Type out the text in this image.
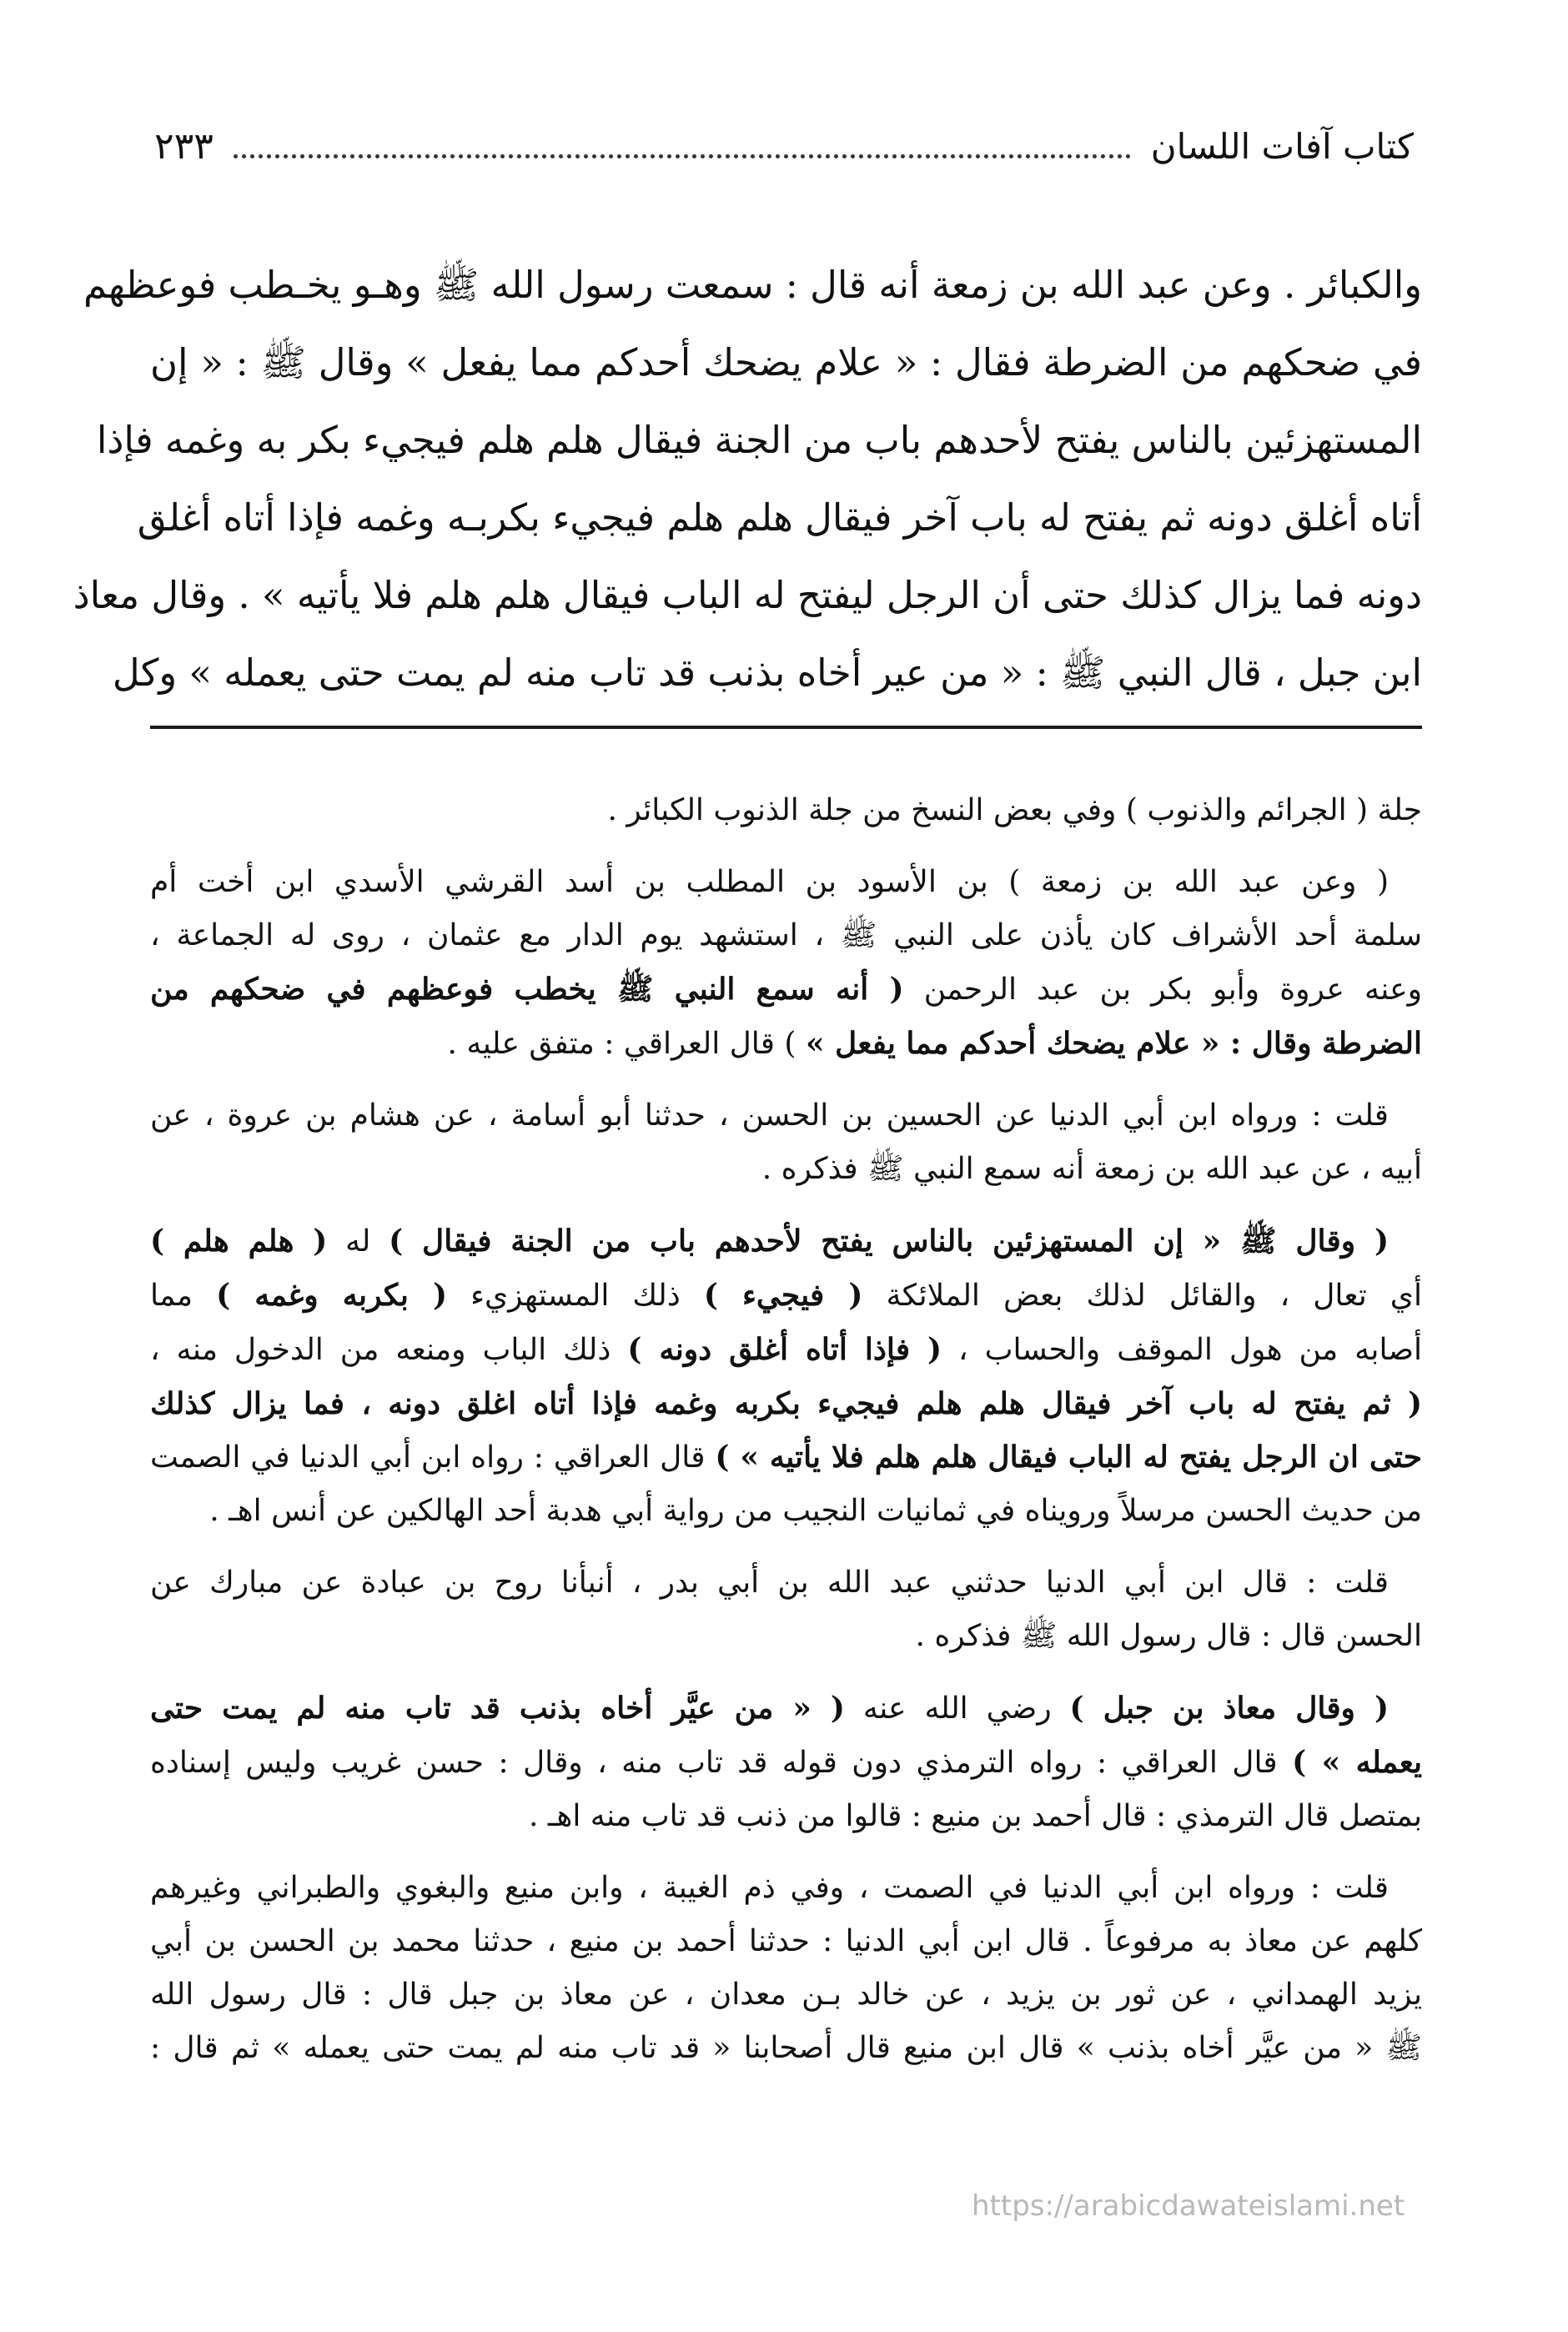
كتاب آفات اللسان
٢٣٣

والكبائر . وعن عبد الله بن زمعة أنه قال : سمعت رسول الله ﷺ وهـو يخـطب فوعظهم

في ضحكهم من الضرطة فقال : « علام يضحك أحدكم مما يفعل » وقال ﷺ : « إن

المستهزئين بالناس يفتح لأحدهم باب من الجنة فيقال هلم هلم فيجيء بكر به وغمه فإذا

أتاه أغلق دونه ثم يفتح له باب آخر فيقال هلم هلم فيجيء بكربـه وغمه فإذا أتاه أغلق

دونه فما يزال كذلك حتى أن الرجل ليفتح له الباب فيقال هلم هلم فلا يأتيه » . وقال معاذ

ابن جبل ، قال النبي ﷺ : « من عير أخاه بذنب قد تاب منه لم يمت حتى يعمله » وكل

جلة ( الجرائم والذنوب ) وفي بعض النسخ من جلة الذنوب الكبائر .
( وعن عبد الله بن زمعة ) بن الأسود بن المطلب بن أسد القرشي الأسدي ابن أخت أم
سلمة أحد الأشراف كان يأذن على النبي ﷺ ، استشهد يوم الدار مع عثمان ، روى له الجماعة ،
وعنه عروة وأبو بكر بن عبد الرحمن ( أنه سمع النبي ﷺ يخطب فوعظهم في ضحكهم من
الضرطة وقال : « علام يضحك أحدكم مما يفعل » ) قال العراقي : متفق عليه .
قلت : ورواه ابن أبي الدنيا عن الحسين بن الحسن ، حدثنا أبو أسامة ، عن هشام بن عروة ، عن
أبيه ، عن عبد الله بن زمعة أنه سمع النبي ﷺ فذكره .
( وقال ﷺ « إن المستهزئين بالناس يفتح لأحدهم باب من الجنة فيقال ) له ( هلم هلم )
أي تعال ، والقائل لذلك بعض الملائكة ( فيجيء ) ذلك المستهزيء ( بكربه وغمه ) مما
أصابه من هول الموقف والحساب ، ( فإذا أتاه أغلق دونه ) ذلك الباب ومنعه من الدخول منه ،
( ثم يفتح له باب آخر فيقال هلم هلم فيجيء بكربه وغمه فإذا أتاه اغلق دونه ، فما يزال كذلك
حتى ان الرجل يفتح له الباب فيقال هلم هلم فلا يأتيه » ) قال العراقي : رواه ابن أبي الدنيا في الصمت
من حديث الحسن مرسلاً ورويناه في ثمانيات النجيب من رواية أبي هدبة أحد الهالكين عن أنس اهـ .
قلت : قال ابن أبي الدنيا حدثني عبد الله بن أبي بدر ، أنبأنا روح بن عبادة عن مبارك عن
الحسن قال : قال رسول الله ﷺ فذكره .
( وقال معاذ بن جبل ) رضي الله عنه ( « من عيَّر أخاه بذنب قد تاب منه لم يمت حتى
يعمله » ) قال العراقي : رواه الترمذي دون قوله قد تاب منه ، وقال : حسن غريب وليس إسناده
بمتصل قال الترمذي : قال أحمد بن منيع : قالوا من ذنب قد تاب منه اهـ .
قلت : ورواه ابن أبي الدنيا في الصمت ، وفي ذم الغيبة ، وابن منيع والبغوي والطبراني وغيرهم
كلهم عن معاذ به مرفوعاً . قال ابن أبي الدنيا : حدثنا أحمد بن منيع ، حدثنا محمد بن الحسن بن أبي
يزيد الهمداني ، عن ثور بن يزيد ، عن خالد بـن معدان ، عن معاذ بن جبل قال : قال رسول الله
ﷺ « من عيَّر أخاه بذنب » قال ابن منيع قال أصحابنا « قد تاب منه لم يمت حتى يعمله » ثم قال :
https://arabicdawateislami.net
